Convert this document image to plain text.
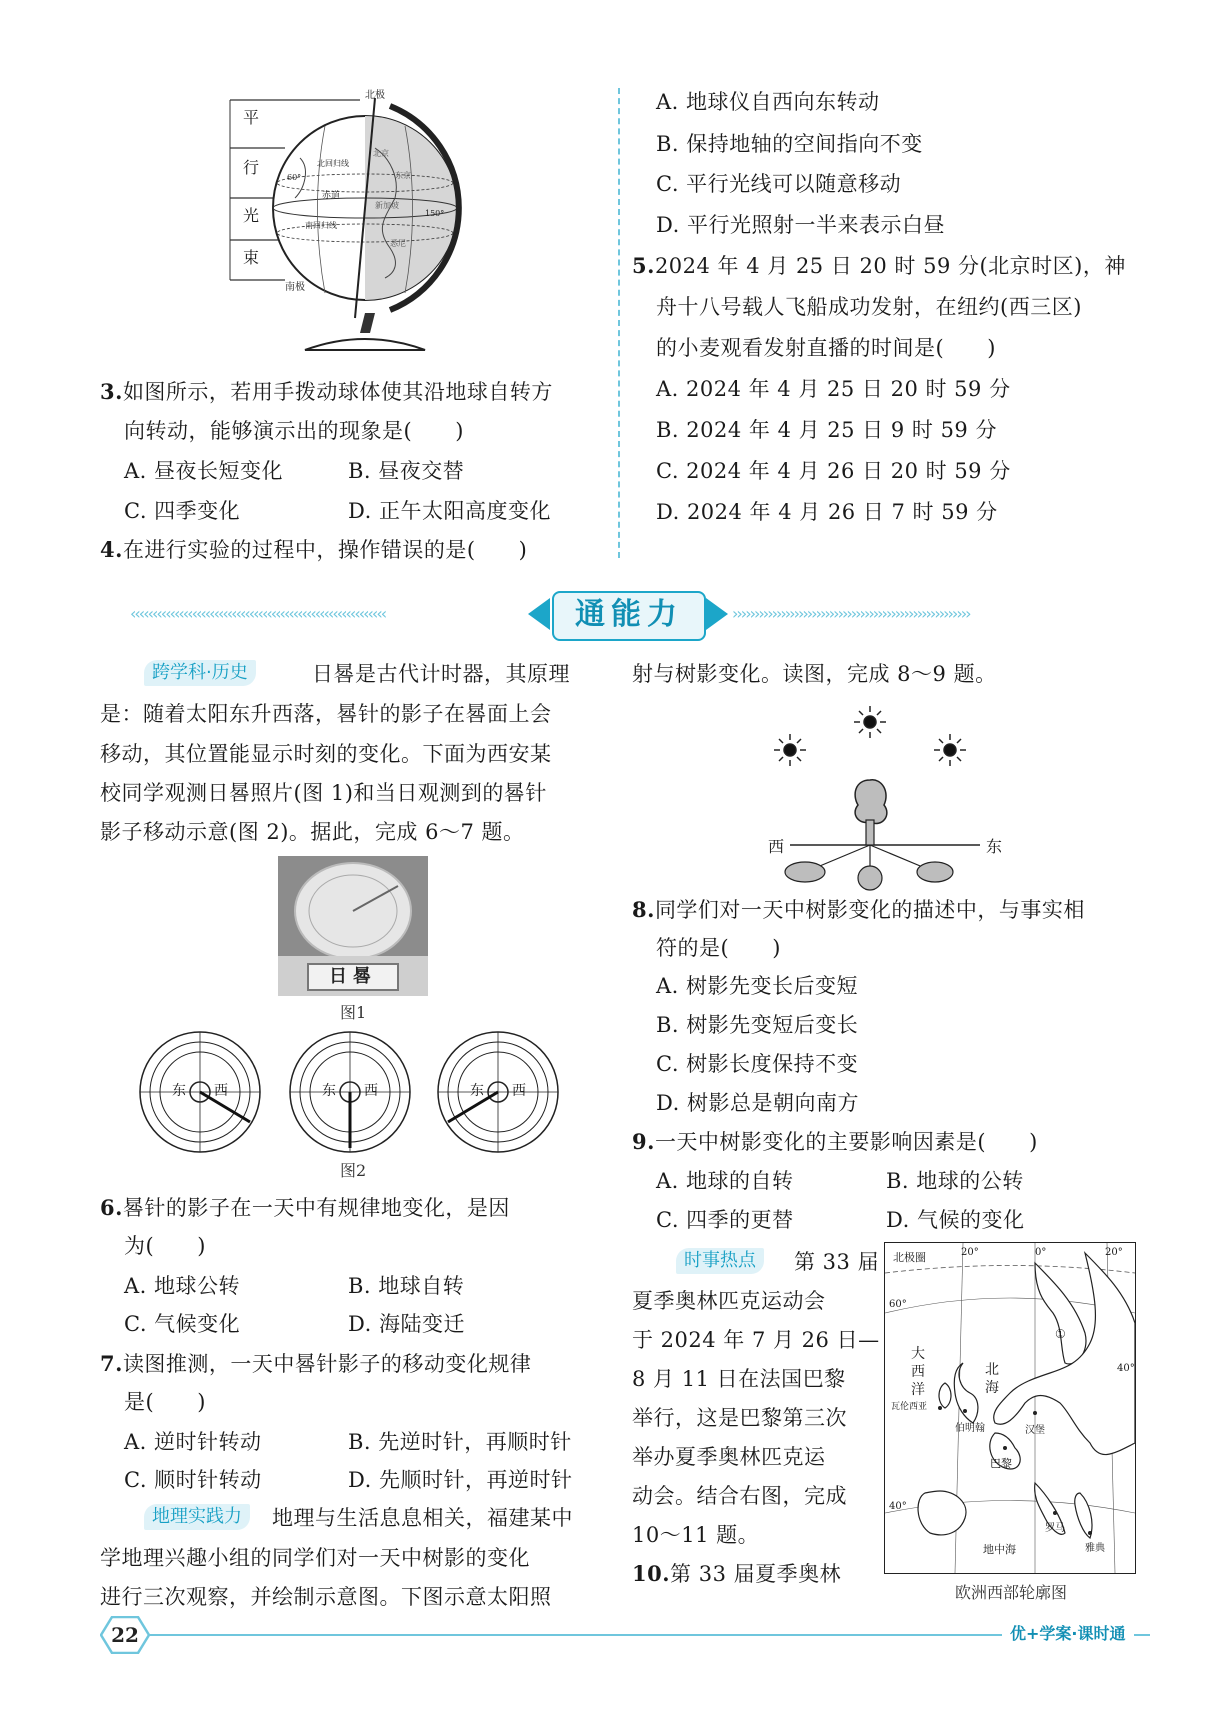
北极
南极
北回归线
赤道
南回归线
北京
东京
新加坡
悉尼
60°
150°
平
行
光
束
3.如图所示，若用手拨动球体使其沿地球自转方
向转动，能够演示出的现象是(　　)
A. 昼夜长短变化	B. 昼夜交替
C. 四季变化	D. 正午太阳高度变化
4.在进行实验的过程中，操作错误的是(　　)
A. 地球仪自西向东转动
B. 保持地轴的空间指向不变
C. 平行光线可以随意移动
D. 平行光照射一半来表示白昼
5.2024 年 4 月 25 日 20 时 59 分(北京时区)，神
舟十八号载人飞船成功发射，在纽约(西三区)
的小麦观看发射直播的时间是(　　)
A. 2024 年 4 月 25 日 20 时 59 分
B. 2024 年 4 月 25 日 9 时 59 分
C. 2024 年 4 月 26 日 20 时 59 分
D. 2024 年 4 月 26 日 7 时 59 分
‹‹‹‹‹‹‹‹‹‹‹‹‹‹‹‹‹‹‹‹‹‹‹‹‹‹‹‹‹‹‹‹‹‹‹‹‹‹‹‹‹‹‹‹‹‹‹‹‹‹‹‹‹‹‹‹‹‹	通能力	››››››››››››››››››››››››››››››››››››››››››››››››››››››
跨学科·历史	日晷是古代计时器，其原理
是：随着太阳东升西落，晷针的影子在晷面上会
移动，其位置能显示时刻的变化。下面为西安某
校同学观测日晷照片(图 1)和当日观测到的晷针
影子移动示意(图 2)。据此，完成 6～7 题。
日晷
图1
东 西	东 西	东 西
图2
6.晷针的影子在一天中有规律地变化，是因
为(　　)
A. 地球公转	B. 地球自转
C. 气候变化	D. 海陆变迁
7.读图推测，一天中晷针影子的移动变化规律
是(　　)
A. 逆时针转动	B. 先逆时针，再顺时针
C. 顺时针转动	D. 先顺时针，再逆时针
地理实践力	地理与生活息息相关，福建某中
学地理兴趣小组的同学们对一天中树影的变化
进行三次观察，并绘制示意图。下图示意太阳照
射与树影变化。读图，完成 8～9 题。
西	东
8.同学们对一天中树影变化的描述中，与事实相
符的是(　　)
A. 树影先变长后变短
B. 树影先变短后变长
C. 树影长度保持不变
D. 树影总是朝向南方
9.一天中树影变化的主要影响因素是(　　)
A. 地球的自转	B. 地球的公转
C. 四季的更替	D. 气候的变化
时事热点	第 33 届
夏季奥林匹克运动会
于 2024 年 7 月 26 日—
8 月 11 日在法国巴黎
举行，这是巴黎第三次
举办夏季奥林匹克运
动会。结合右图，完成
10～11 题。
10.第 33 届夏季奥林
北极圈
大
西
洋
北
海
瓦伦西亚
伯明翰	汉堡
巴黎
罗马
雅典
地中海
①
60°
40°
20°	0°	20°
40°
欧洲西部轮廓图
22	优+学案·课时通
